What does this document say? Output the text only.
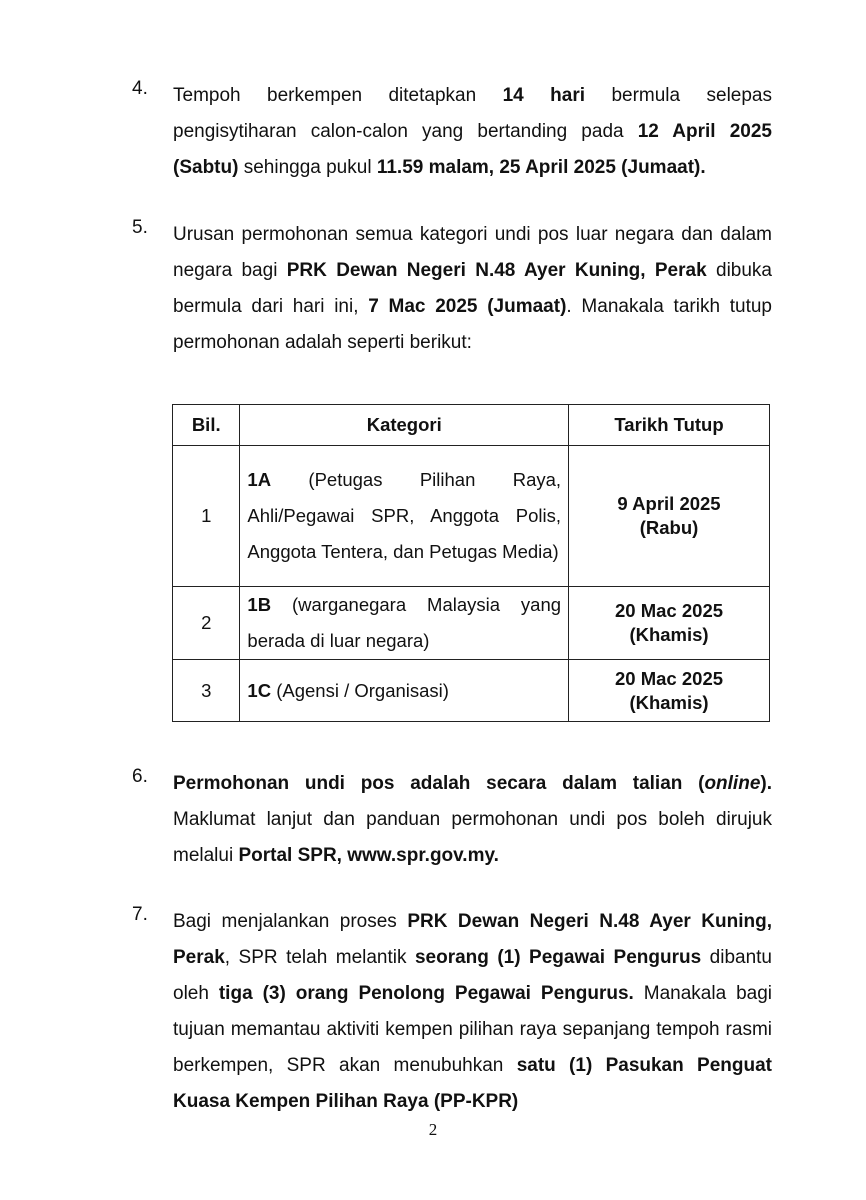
4.	Tempoh berkempen ditetapkan 14 hari bermula selepas pengisytiharan calon-calon yang bertanding pada 12 April 2025 (Sabtu) sehingga pukul 11.59 malam, 25 April 2025 (Jumaat).
5.	Urusan permohonan semua kategori undi pos luar negara dan dalam negara bagi PRK Dewan Negeri N.48 Ayer Kuning, Perak dibuka bermula dari hari ini, 7 Mac 2025 (Jumaat). Manakala tarikh tutup permohonan adalah seperti berikut:
Bil.	Kategori	Tarikh Tutup
1	1A (Petugas Pilihan Raya, Ahli/Pegawai SPR, Anggota Polis, Anggota Tentera, dan Petugas Media)	9 April 2025
(Rabu)
2	1B (warganegara Malaysia yang berada di luar negara)	20 Mac 2025
(Khamis)
3	1C (Agensi / Organisasi)	20 Mac 2025
(Khamis)
6.	Permohonan undi pos adalah secara dalam talian (online). Maklumat lanjut dan panduan permohonan undi pos boleh dirujuk melalui Portal SPR, www.spr.gov.my.
7.	Bagi menjalankan proses PRK Dewan Negeri N.48 Ayer Kuning, Perak, SPR telah melantik seorang (1) Pegawai Pengurus dibantu oleh tiga (3) orang Penolong Pegawai Pengurus. Manakala bagi tujuan memantau aktiviti kempen pilihan raya sepanjang tempoh rasmi berkempen, SPR akan menubuhkan satu (1) Pasukan Penguat Kuasa Kempen Pilihan Raya (PP-KPR)
2
